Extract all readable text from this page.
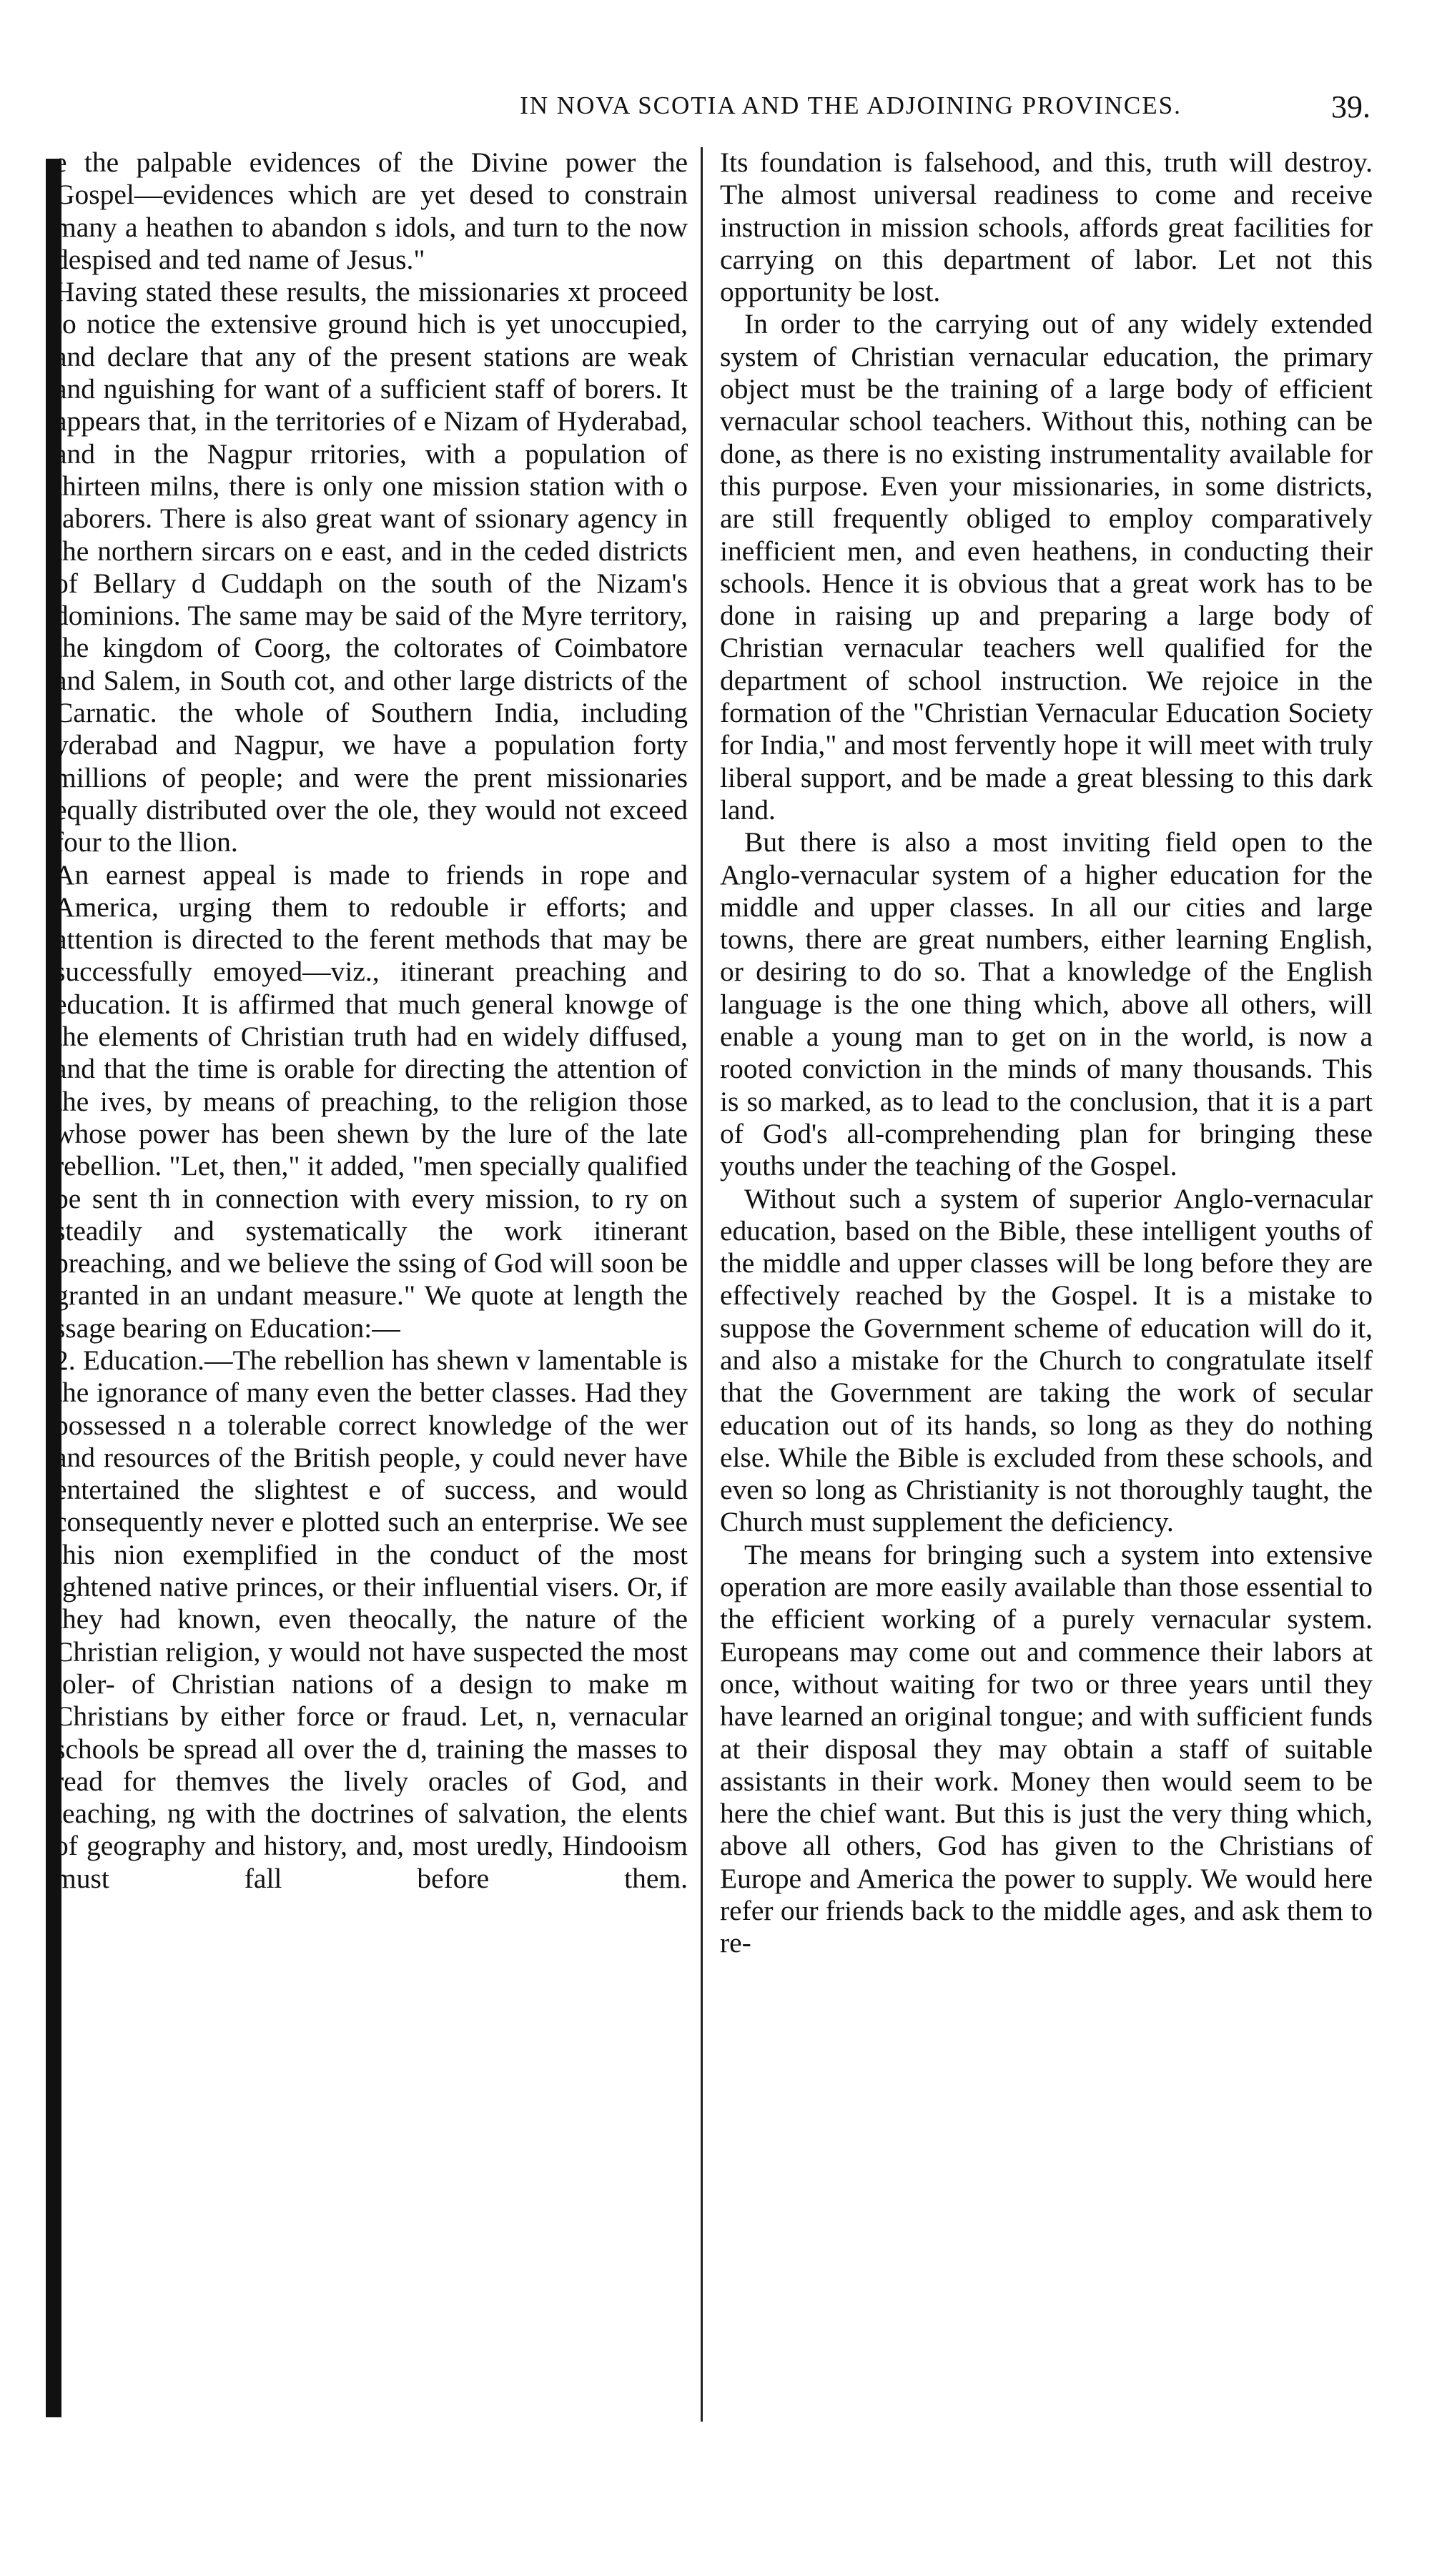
IN NOVA SCOTIA AND THE ADJOINING PROVINCES.	39.

e the palpable evidences of the Divine power the Gospel—evidences which are yet desed to constrain many a heathen to abandon s idols, and turn to the now despised and ted name of Jesus."

Having stated these results, the missionaries xt proceed to notice the extensive ground hich is yet unoccupied, and declare that any of the present stations are weak and nguishing for want of a sufficient staff of borers. It appears that, in the territories of e Nizam of Hyderabad, and in the Nagpur rritories, with a population of thirteen milns, there is only one mission station with o laborers. There is also great want of ssionary agency in the northern sircars on e east, and in the ceded districts of Bellary d Cuddaph on the south of the Nizam's dominions. The same may be said of the Myre territory, the kingdom of Coorg, the coltorates of Coimbatore and Salem, in South cot, and other large districts of the Carnatic. the whole of Southern India, including yderabad and Nagpur, we have a population forty millions of people; and were the prent missionaries equally distributed over the ole, they would not exceed four to the llion.

An earnest appeal is made to friends in rope and America, urging them to redouble ir efforts; and attention is directed to the ferent methods that may be successfully emoyed—viz., itinerant preaching and education. It is affirmed that much general knowge of the elements of Christian truth had en widely diffused, and that the time is orable for directing the attention of the ives, by means of preaching, to the religion those whose power has been shewn by the lure of the late rebellion. "Let, then," it added, "men specially qualified be sent th in connection with every mission, to ry on steadily and systematically the work itinerant preaching, and we believe the ssing of God will soon be granted in an undant measure." We quote at length the ssage bearing on Education:—

2. Education.—The rebellion has shewn v lamentable is the ignorance of many even the better classes. Had they possessed n a tolerable correct knowledge of the wer and resources of the British people, y could never have entertained the slightest e of success, and would consequently never e plotted such an enterprise. We see this nion exemplified in the conduct of the most ightened native princes, or their influential visers. Or, if they had known, even theocally, the nature of the Christian religion, y would not have suspected the most toler- of Christian nations of a design to make m Christians by either force or fraud. Let, n, vernacular schools be spread all over the d, training the masses to read for themves the lively oracles of God, and teaching, ng with the doctrines of salvation, the elents of geography and history, and, most uredly, Hindooism must fall before them.

Its foundation is falsehood, and this, truth will destroy. The almost universal readiness to come and receive instruction in mission schools, affords great facilities for carrying on this department of labor. Let not this opportunity be lost.

In order to the carrying out of any widely extended system of Christian vernacular education, the primary object must be the training of a large body of efficient vernacular school teachers. Without this, nothing can be done, as there is no existing instrumentality available for this purpose. Even your missionaries, in some districts, are still frequently obliged to employ comparatively inefficient men, and even heathens, in conducting their schools. Hence it is obvious that a great work has to be done in raising up and preparing a large body of Christian vernacular teachers well qualified for the department of school instruction. We rejoice in the formation of the "Christian Vernacular Education Society for India," and most fervently hope it will meet with truly liberal support, and be made a great blessing to this dark land.

But there is also a most inviting field open to the Anglo-vernacular system of a higher education for the middle and upper classes. In all our cities and large towns, there are great numbers, either learning English, or desiring to do so. That a knowledge of the English language is the one thing which, above all others, will enable a young man to get on in the world, is now a rooted conviction in the minds of many thousands. This is so marked, as to lead to the conclusion, that it is a part of God's all-comprehending plan for bringing these youths under the teaching of the Gospel.

Without such a system of superior Anglo-vernacular education, based on the Bible, these intelligent youths of the middle and upper classes will be long before they are effectively reached by the Gospel. It is a mistake to suppose the Government scheme of education will do it, and also a mistake for the Church to congratulate itself that the Government are taking the work of secular education out of its hands, so long as they do nothing else. While the Bible is excluded from these schools, and even so long as Christianity is not thoroughly taught, the Church must supplement the deficiency.

The means for bringing such a system into extensive operation are more easily available than those essential to the efficient working of a purely vernacular system. Europeans may come out and commence their labors at once, without waiting for two or three years until they have learned an original tongue; and with sufficient funds at their disposal they may obtain a staff of suitable assistants in their work. Money then would seem to be here the chief want. But this is just the very thing which, above all others, God has given to the Christians of Europe and America the power to supply. We would here refer our friends back to the middle ages, and ask them to re-
